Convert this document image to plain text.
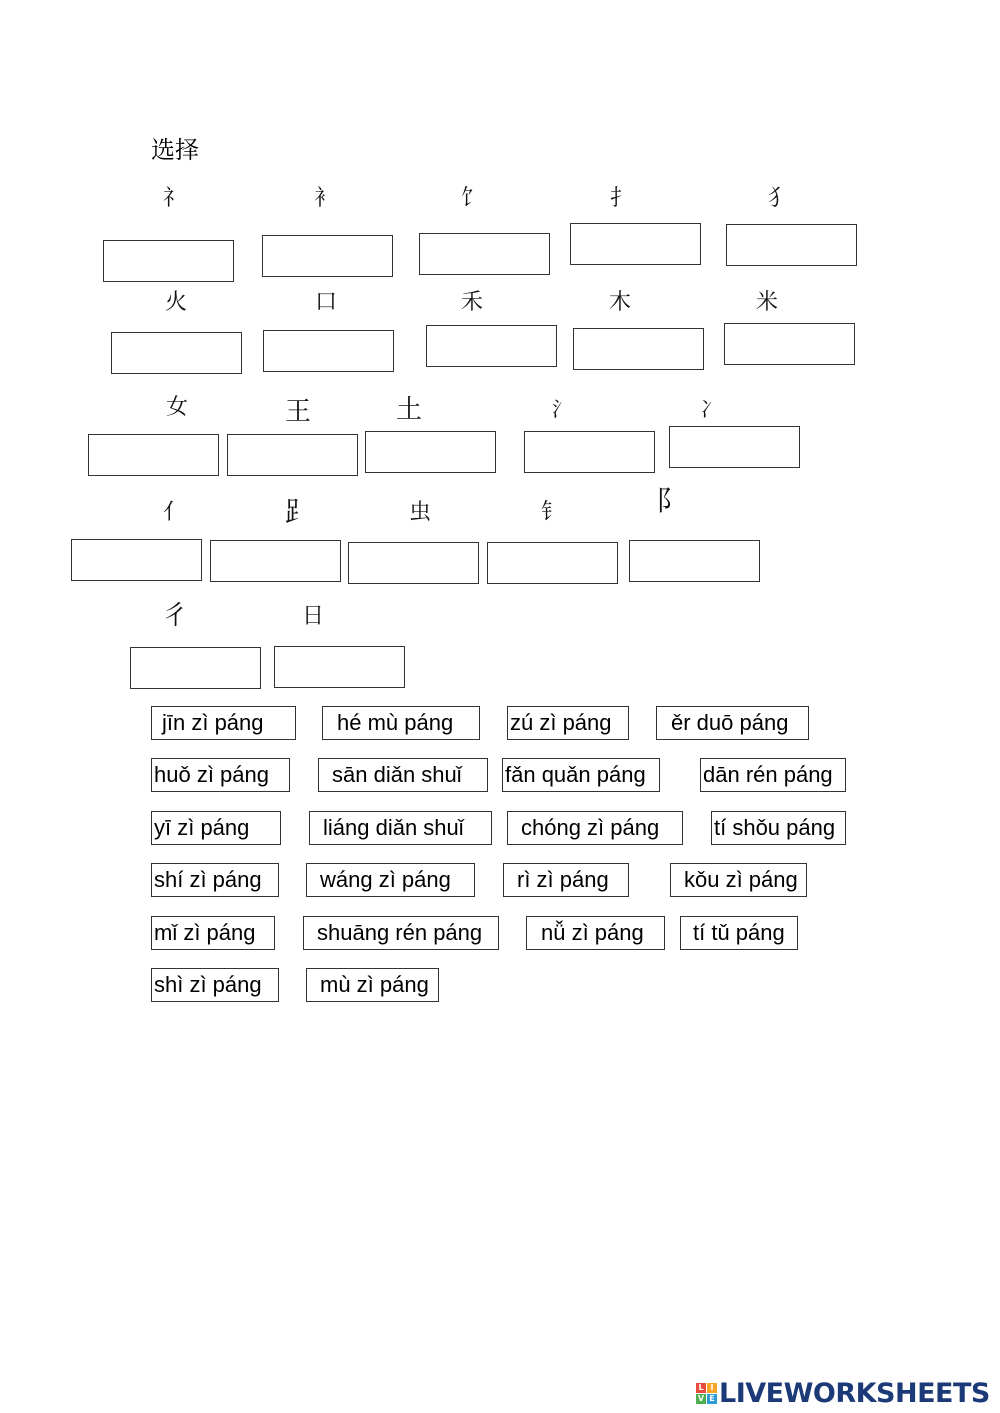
选择
礻	衤	饣	扌	犭
火	口	禾	木	米
女	王	土	氵	冫
亻	⻊	虫	钅	阝
彳	日
jīn zì páng	hé mù páng	zú zì páng	ěr duō páng
huǒ zì páng	sān diǎn shuǐ	fǎn quǎn páng	dān rén páng
yī zì páng	liáng diǎn shuǐ	chóng zì páng	tí shǒu páng
shí zì páng	wáng zì páng	rì zì páng	kǒu zì páng
mǐ zì páng	shuāng rén páng	nǚ zì páng	tí tǔ páng
shì zì páng	mù zì páng
L I
V E LIVEWORKSHEETS
